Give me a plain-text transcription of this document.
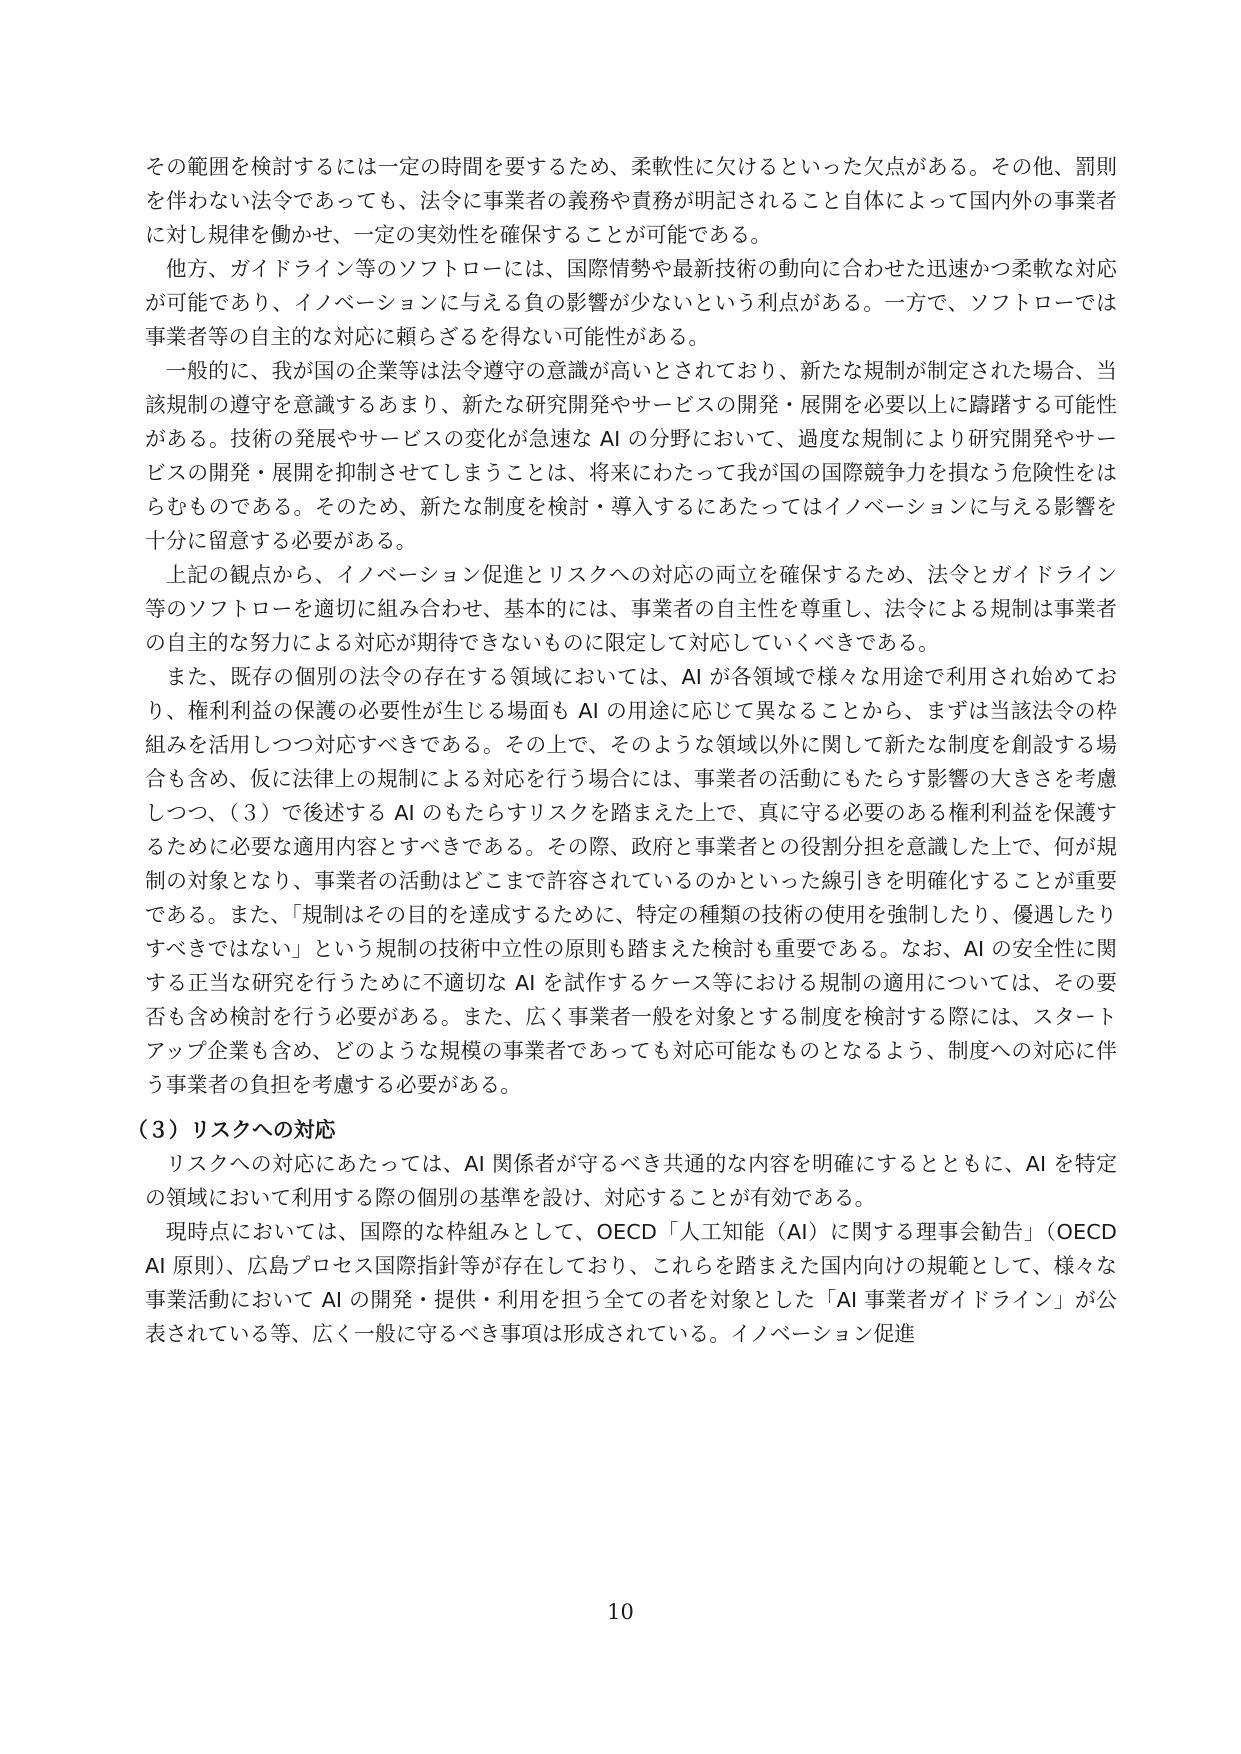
その範囲を検討するには一定の時間を要するため、柔軟性に欠けるといった欠点がある。その他、罰則を伴わない法令であっても、法令に事業者の義務や責務が明記されること自体によって国内外の事業者に対し規律を働かせ、一定の実効性を確保することが可能である。

他方、ガイドライン等のソフトローには、国際情勢や最新技術の動向に合わせた迅速かつ柔軟な対応が可能であり、イノベーションに与える負の影響が少ないという利点がある。一方で、ソフトローでは事業者等の自主的な対応に頼らざるを得ない可能性がある。

一般的に、我が国の企業等は法令遵守の意識が高いとされており、新たな規制が制定された場合、当該規制の遵守を意識するあまり、新たな研究開発やサービスの開発・展開を必要以上に躊躇する可能性がある。技術の発展やサービスの変化が急速な AI の分野において、過度な規制により研究開発やサービスの開発・展開を抑制させてしまうことは、将来にわたって我が国の国際競争力を損なう危険性をはらむものである。そのため、新たな制度を検討・導入するにあたってはイノベーションに与える影響を十分に留意する必要がある。

上記の観点から、イノベーション促進とリスクへの対応の両立を確保するため、法令とガイドライン等のソフトローを適切に組み合わせ、基本的には、事業者の自主性を尊重し、法令による規制は事業者の自主的な努力による対応が期待できないものに限定して対応していくべきである。

また、既存の個別の法令の存在する領域においては、AI が各領域で様々な用途で利用され始めており、権利利益の保護の必要性が生じる場面も AI の用途に応じて異なることから、まずは当該法令の枠組みを活用しつつ対応すべきである。その上で、そのような領域以外に関して新たな制度を創設する場合も含め、仮に法律上の規制による対応を行う場合には、事業者の活動にもたらす影響の大きさを考慮しつつ、（３）で後述する AI のもたらすリスクを踏まえた上で、真に守る必要のある権利利益を保護するために必要な適用内容とすべきである。その際、政府と事業者との役割分担を意識した上で、何が規制の対象となり、事業者の活動はどこまで許容されているのかといった線引きを明確化することが重要である。また、「規制はその目的を達成するために、特定の種類の技術の使用を強制したり、優遇したりすべきではない」という規制の技術中立性の原則も踏まえた検討も重要である。なお、AI の安全性に関する正当な研究を行うために不適切な AI を試作するケース等における規制の適用については、その要否も含め検討を行う必要がある。また、広く事業者一般を対象とする制度を検討する際には、スタートアップ企業も含め、どのような規模の事業者であっても対応可能なものとなるよう、制度への対応に伴う事業者の負担を考慮する必要がある。

（３）リスクへの対応

リスクへの対応にあたっては、AI 関係者が守るべき共通的な内容を明確にするとともに、AI を特定の領域において利用する際の個別の基準を設け、対応することが有効である。

現時点においては、国際的な枠組みとして、OECD「人工知能（AI）に関する理事会勧告」（OECD AI 原則）、広島プロセス国際指針等が存在しており、これらを踏まえた国内向けの規範として、様々な事業活動において AI の開発・提供・利用を担う全ての者を対象とした「AI 事業者ガイドライン」が公表されている等、広く一般に守るべき事項は形成されている。イノベーション促進

10
